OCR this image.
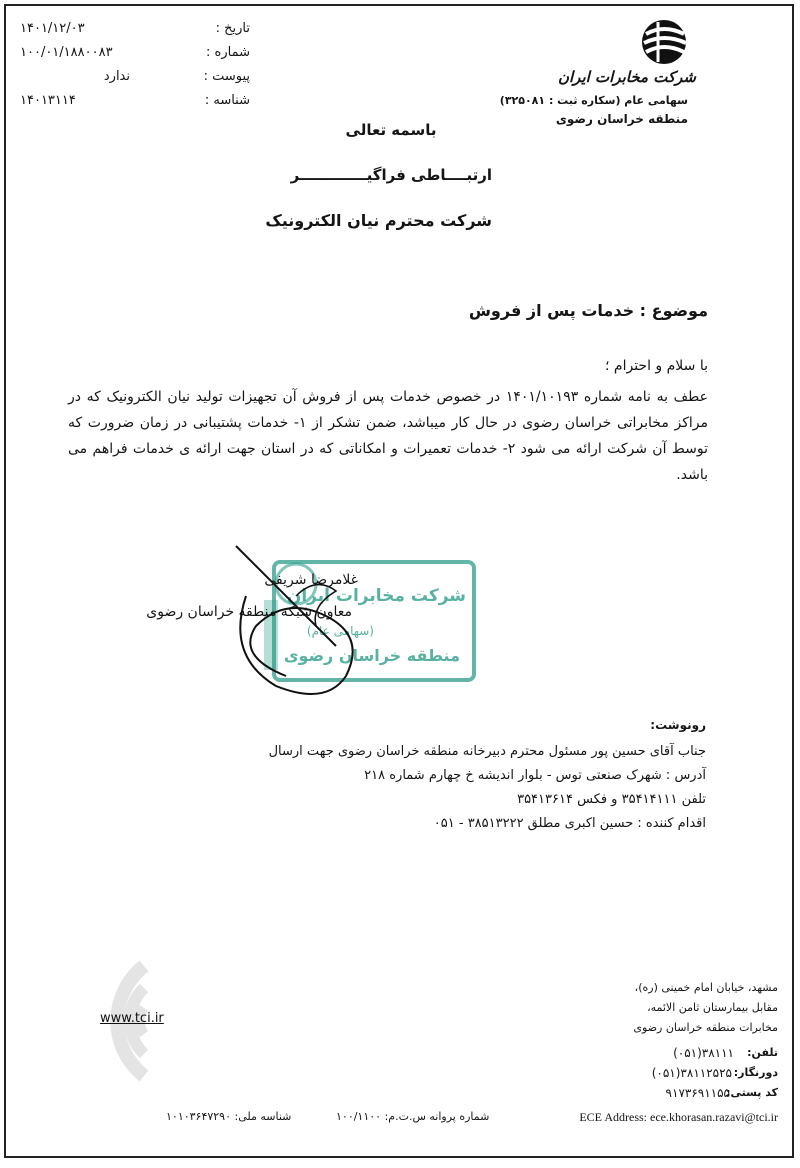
۱۴۰۱/۱۲/۰۳	تاریخ :
۱۰۰/۰۱/۱۸۸۰۰۸۳	شماره :
ندارد	پیوست :
۱۴۰۱۳۱۱۴	شناسه :
شرکت مخابرات ایران
سهامی عام (سکاره ثبت : ۳۲۵۰۸۱)
منطقه خراسان رضوی
باسمه تعالی
ارتبــــاطی فراگیـــــــــــــر
شرکت محترم نیان الکترونیک
موضوع : خدمات پس از فروش
با سلام و احترام ؛
عطف به نامه شماره ۱۴۰۱/۱۰۱۹۳ در خصوص خدمات پس از فروش آن تجهیزات تولید نیان الکترونیک که در مراکز مخابراتی خراسان رضوی در حال کار میباشد، ضمن تشکر از ۱- خدمات پشتیبانی در زمان ضرورت که توسط آن شرکت ارائه می شود ۲- خدمات تعمیرات و امکاناتی که در استان جهت ارائه ی خدمات فراهم می باشد.
شرکت مخابرات ایران
(سهامی عام)
منطقه خراسان رضوی
غلامرضا شریفی
معاون شبکه منطقه خراسان رضوی
رونوشت:
جناب آقای حسین پور مسئول محترم دبیرخانه منطقه خراسان رضوی جهت ارسال
آدرس : شهرک صنعتی توس - بلوار اندیشه خ چهارم شماره ۲۱۸
تلفن ۳۵۴۱۴۱۱۱ و فکس ۳۵۴۱۳۶۱۴
اقدام کننده : حسین اکبری مطلق ۳۸۵۱۳۲۲۲ - ۰۵۱
www.tci.ir
مشهد، خیابان امام خمینی (ره)،
مقابل بیمارستان ثامن الائمه،
مخابرات منطقه خراسان رضوی
تلفن:
(۰۵۱)۳۸۱۱۱
دورنگار:
(۰۵۱)۳۸۱۱۲۵۲۵
کد پستی:
۹۱۷۳۶۹۱۱۵۵
شناسه ملی: ۱۰۱۰۳۶۴۷۲۹۰	شماره پروانه س.ت.م: ۱۰۰/۱۱۰۰	ECE Address: ece.khorasan.razavi@tci.ir
